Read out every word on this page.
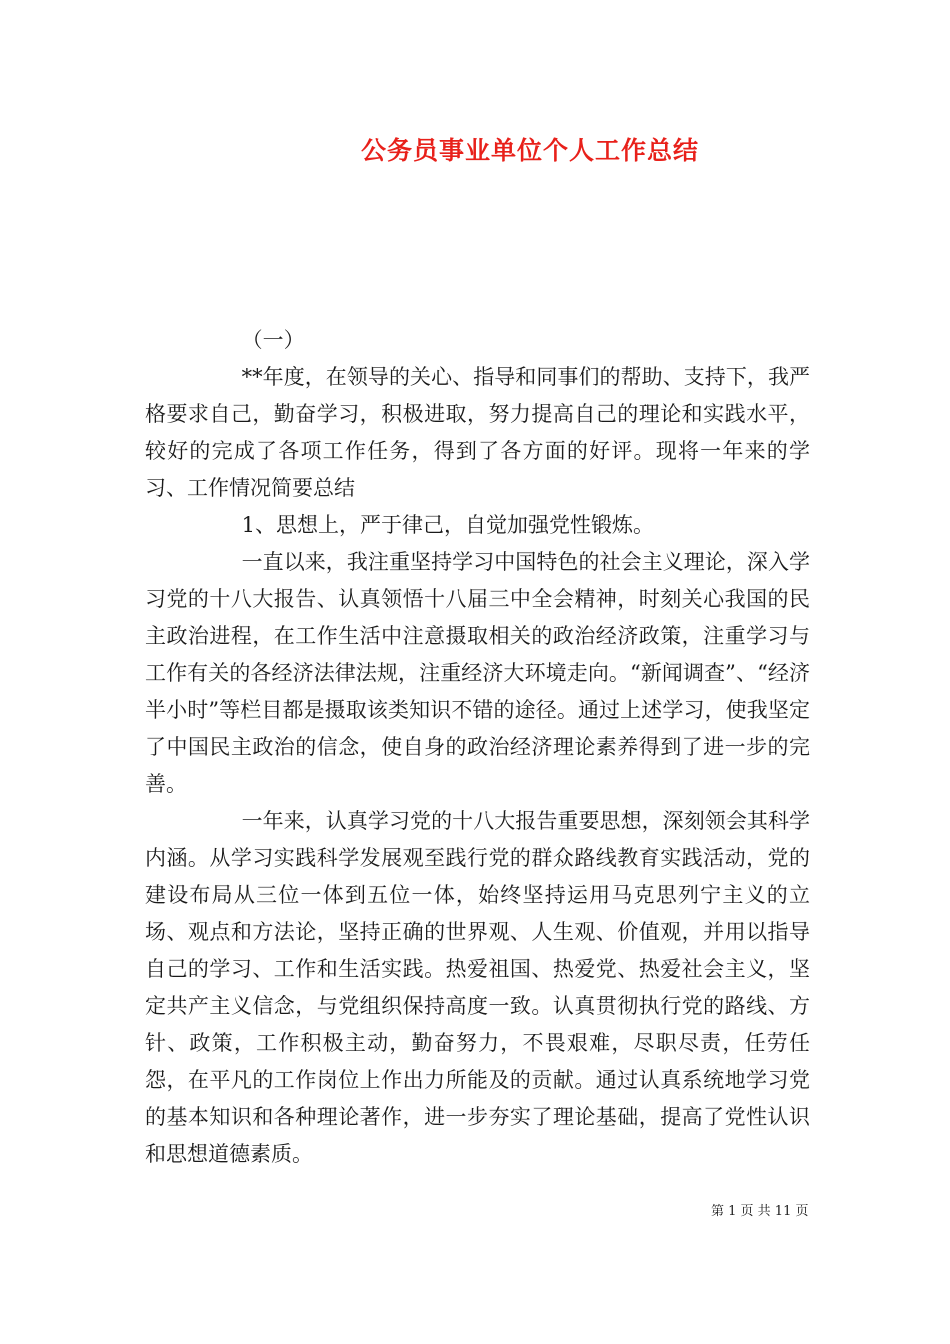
公务员事业单位个人工作总结

（一）

**年度，在领导的关心、指导和同事们的帮助、支持下，我严格要求自己，勤奋学习，积极进取，努力提高自己的理论和实践水平，较好的完成了各项工作任务，得到了各方面的好评。现将一年来的学习、工作情况简要总结

1、思想上，严于律己，自觉加强党性锻炼。

一直以来，我注重坚持学习中国特色的社会主义理论，深入学习党的十八大报告、认真领悟十八届三中全会精神，时刻关心我国的民主政治进程，在工作生活中注意摄取相关的政治经济政策，注重学习与工作有关的各经济法律法规，注重经济大环境走向。“新闻调查”、“经济半小时”等栏目都是摄取该类知识不错的途径。通过上述学习，使我坚定了中国民主政治的信念，使自身的政治经济理论素养得到了进一步的完善。

一年来，认真学习党的十八大报告重要思想，深刻领会其科学内涵。从学习实践科学发展观至践行党的群众路线教育实践活动，党的建设布局从三位一体到五位一体，始终坚持运用马克思列宁主义的立场、观点和方法论，坚持正确的世界观、人生观、价值观，并用以指导自己的学习、工作和生活实践。热爱祖国、热爱党、热爱社会主义，坚定共产主义信念，与党组织保持高度一致。认真贯彻执行党的路线、方针、政策，工作积极主动，勤奋努力，不畏艰难，尽职尽责，任劳任怨，在平凡的工作岗位上作出力所能及的贡献。通过认真系统地学习党的基本知识和各种理论著作，进一步夯实了理论基础，提高了党性认识和思想道德素质。

第 1 页 共 11 页
